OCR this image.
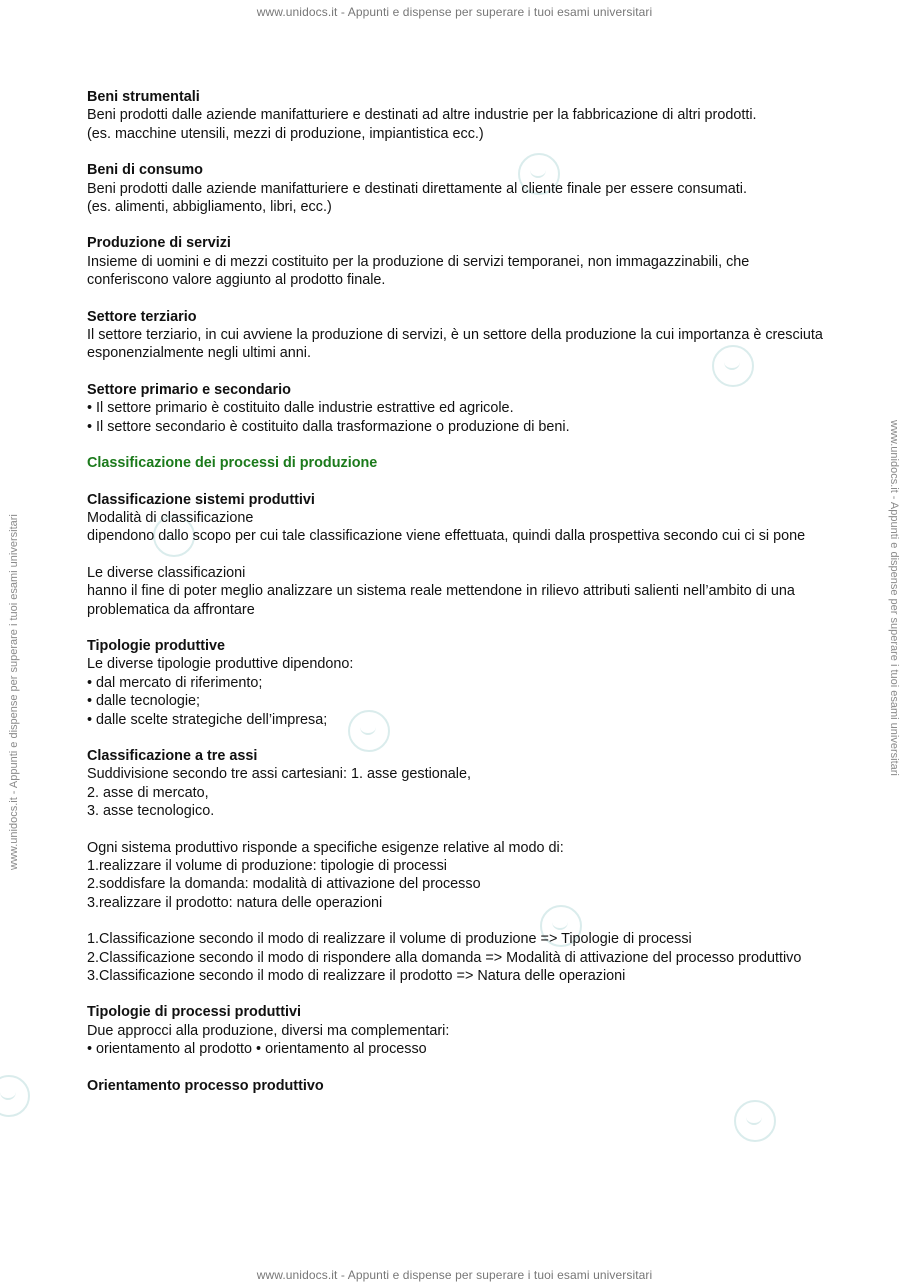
www.unidocs.it - Appunti e dispense per superare i tuoi esami universitari
www.unidocs.it - Appunti e dispense per superare i tuoi esami universitari	www.unidocs.it - Appunti e dispense per superare i tuoi esami universitari

Beni strumentali

Beni prodotti dalle aziende manifatturiere e destinati ad altre industrie per la fabbricazione di altri prodotti.

(es. macchine utensili, mezzi di produzione, impiantistica ecc.)

Beni di consumo

Beni prodotti dalle aziende manifatturiere e destinati direttamente al cliente finale per essere consumati.

(es. alimenti, abbigliamento, libri, ecc.)

Produzione di servizi

Insieme di uomini e di mezzi costituito per la produzione di servizi temporanei, non immagazzinabili, che conferiscono valore aggiunto al prodotto finale.

Settore terziario

Il settore terziario, in cui avviene la produzione di servizi, è un settore della produzione la cui importanza è cresciuta esponenzialmente negli ultimi anni.

Settore primario e secondario

• Il settore primario è costituito dalle industrie estrattive ed agricole.

• Il settore secondario è costituito dalla trasformazione o produzione di beni.

Classificazione dei processi di produzione

Classificazione sistemi produttivi

Modalità di classificazione

dipendono dallo scopo per cui tale classificazione viene effettuata, quindi dalla prospettiva secondo cui ci si pone

Le diverse classificazioni

hanno il fine di poter meglio analizzare un sistema reale mettendone in rilievo attributi salienti nell’ambito di una problematica da affrontare

Tipologie produttive

Le diverse tipologie produttive dipendono:

• dal mercato di riferimento;

• dalle tecnologie;

• dalle scelte strategiche dell’impresa;

Classificazione a tre assi

Suddivisione secondo tre assi cartesiani: 1. asse gestionale,

2. asse di mercato,

3. asse tecnologico.

Ogni sistema produttivo risponde a specifiche esigenze relative al modo di:

1.realizzare il volume di produzione: tipologie di processi

2.soddisfare la domanda: modalità di attivazione del processo

3.realizzare il prodotto: natura delle operazioni

1.Classificazione secondo il modo di realizzare il volume di produzione => Tipologie di processi

2.Classificazione secondo il modo di rispondere alla domanda => Modalità di attivazione del processo produttivo

3.Classificazione secondo il modo di realizzare il prodotto => Natura delle operazioni

Tipologie di processi produttivi

Due approcci alla produzione, diversi ma complementari:

• orientamento al prodotto • orientamento al processo

Orientamento processo produttivo

www.unidocs.it - Appunti e dispense per superare i tuoi esami universitari
